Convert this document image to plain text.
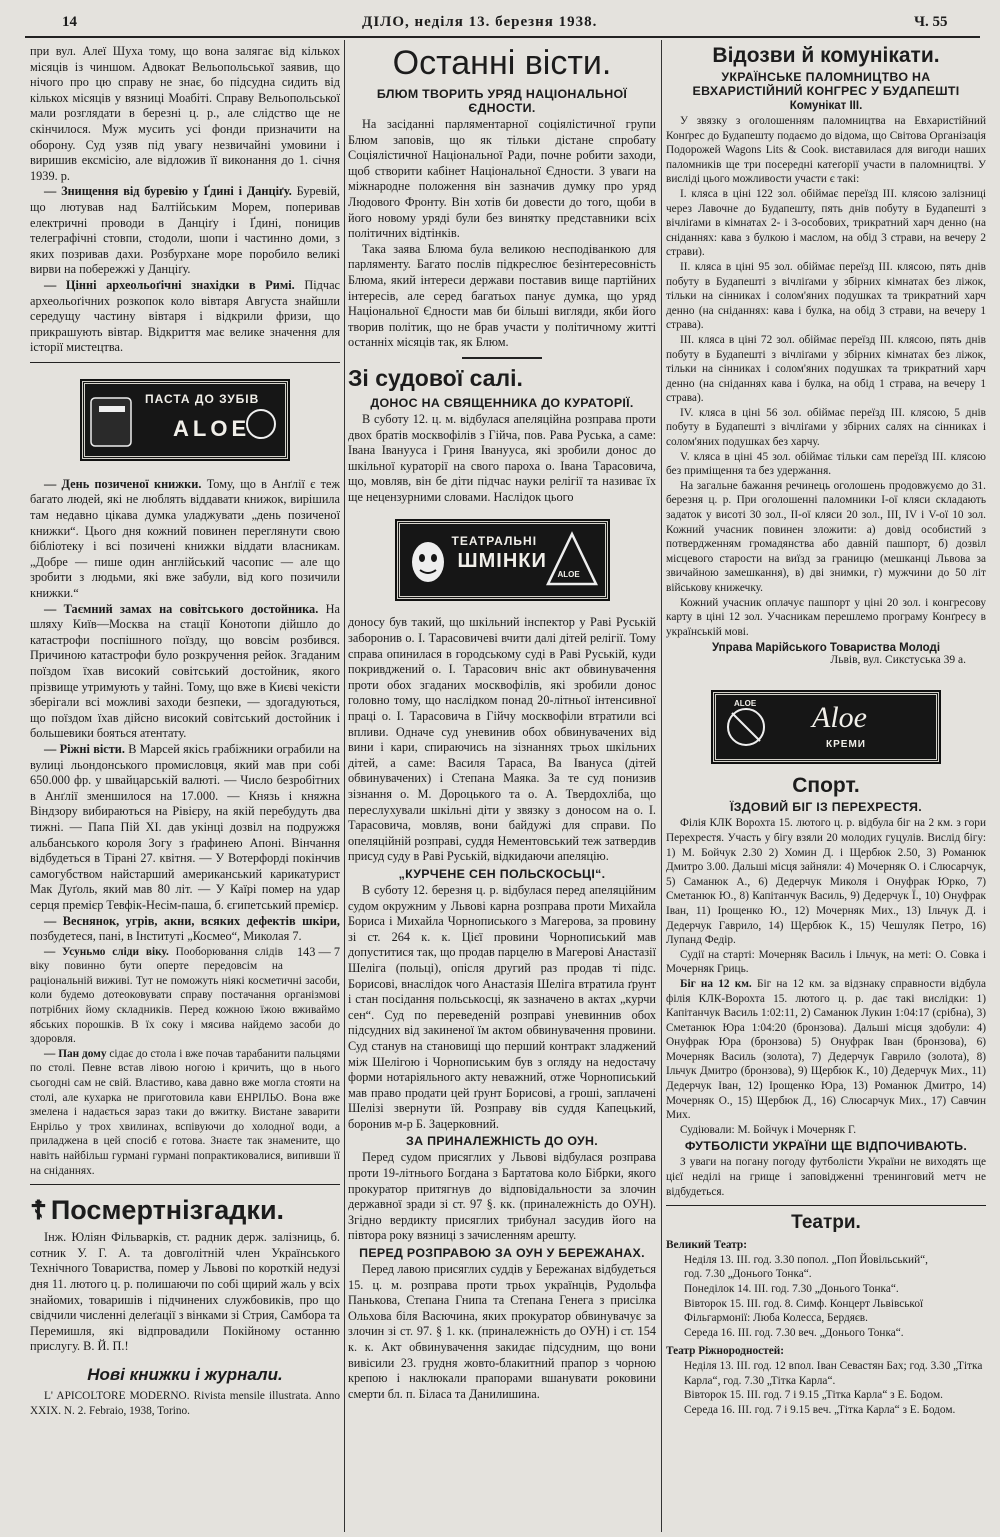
14	ДІЛО, неділя 13. березня 1938.	Ч. 55

при вул. Алеї Шуха тому, що вона залягає від кількох місяців із чиншом. Адвокат Вельопольської заявив, що нічого про цю справу не знає, бо підсудна сидить від кількох місяців у вязниці Моабіті. Справу Вельопольської мали розглядати в березні ц. р., але слідство ще не скінчилося. Муж мусить усі фонди призначити на оборону. Суд узяв під увагу незвичайні умовини і виришив ексмісію, але відложив її виконання до 1. січня 1939. р.

— Знищення від буревію у Ґдині і Данціґу. Буревій, що лютував над Балтійським Морем, поперивав електричні проводи в Данціґу і Ґдині, поницив телеграфічні стовпи, стодоли, шопи і частинно доми, з яких позривав дахи. Розбурхане море поробило великі вирви на побережжі у Данціґу.

— Цінні археольоґічні знахідки в Римі. Підчас археольоґічних розкопок коло вівтаря Августа знайшли середущу частину вівтаря і відкрили фризи, що прикрашують вівтар. Відкриття має велике значення для історії мистецтва.

ПАСТА ДО ЗУБІВ
ALOE

— День позиченої книжки. Тому, що в Анґлії є теж багато людей, які не люблять віддавати книжок, вирішила там недавно цікава думка уладжувати „день позиченої книжки“. Цього дня кожний повинен переглянути свою бібліотеку і всі позичені книжки віддати власникам. „Добре — пише один англійський часопис — але що зробити з людьми, які вже забули, від кого позичили книжки.“

— Таємний замах на совітського достойника. На шляху Київ—Москва на стації Конотопи дійшло до катастрофи поспішного поїзду, що вовсім розбився. Причиною катастрофи було розкручення рейок. Згаданим поїздом їхав високий совітський достойник, якого прізвище утримують у тайні. Тому, що вже в Києві чекісти зберігали всі можливі заходи безпеки, — здогадуються, що поїздом їхав дійсно високий совітський достойник і большевики бояться атентату.

— Ріжні вісти. В Марсей якісь грабіжники ограбили на вулиці льондонського промисловця, який мав при собі 650.000 фр. у швайцарській валюті. — Число безробітних в Анґлії зменшилося на 17.000. — Князь і княжна Віндзору вибираються на Рівієру, на якій перебудуть два тижні. — Папа Пій XI. дав укінці дозвіл на подружжя альбанського короля Зогу з ґрафинею Апоні. Вінчання відбудеться в Тірані 27. квітня. — У Вотерфорді покінчив самогубством найстарший американський карикатурист Мак Дуґоль, який мав 80 літ. — У Каїрі помер на удар серця премієр Тевфік-Несім-паша, б. єгипетський премієр.

— Веснянок, угрів, акни, всяких дефектів шкіри, позбудетеся, пані, в Інституті „Космео“, Миколая 7.
143 — 7

— Усуньмо сліди віку. Пооборювання слідів віку повинно бути оперте передовсім на раціональній виживі. Тут не поможуть ніякі косметичні засоби, коли будемо дотеоковувати справу постачання організмові потрібних йому складників. Перед кожною їжою вживаймо ябських порошків. В їх соку і мясива найдемо засоби до здоровля.

— Пан дому сідає до стола і вже почав тарабанити пальцями по столі. Певне встав лівою ногою і кричить, що в нього сьогодні сам не свій. Властиво, кава давно вже могла стояти на столі, але кухарка не приготовила кави ЕНРІЛЬО. Вона вже змелена і надається зараз таки до вжитку. Вистане заварити Енрільо у трох хвилинах, вспівуючи до холодної води, а приладжена в цей спосіб є готова. Знаєте так знамените, що навіть найбільш гурмані гурмані попрактиковалися, випивши її на сніданнях.

☦ Посмертнізгадки.

Інж. Юліян Фільварків, ст. радник держ. залізниць, б. сотник У. Г. А. та довголітній член Українського Технічного Товариства, помер у Львові по короткій недузі дня 11. лютого ц. р. полишаючи по собі щирий жаль у всіх знайомих, товаришів і підчинених службовиків, про що свідчили численні делеґації з вінками зі Стрия, Самбора та Перемишля, які відпровадили Покійному останню прислугу. В. Й. П.!

Нові книжки і журнали.

L' APICOLTORE MODERNO. Rivista mensile illustrata. Anno XXIX. N. 2. Febraio, 1938, Torino.

Останні вісти.
БЛЮМ ТВОРИТЬ УРЯД НАЦІОНАЛЬНОЇ ЄДНОСТИ.

На засіданні парляментарної соціялістичної групи Блюм заповів, що як тільки дістане спробату Соціялістичної Національної Ради, почне робити заходи, щоб створити кабінет Національної Єдности. З уваги на міжнародне положення він зазначив думку про уряд Людового Фронту. Він хотів би довести до того, щоби в його новому уряді були без винятку представники всіх політичних відтінків.

Така заява Блюма була великою несподіванкою для парляменту. Багато послів підкреслює безінтересовність Блюма, який інтереси держави поставив вище партійних інтересів, але серед багатьох панує думка, що уряд Національної Єдности мав би більші вигляди, якби його творив політик, що не брав участи у політичному житті останніх місяців так, як Блюм.

Зі судової салі.
ДОНОС НА СВЯЩЕННИКА ДО КУРАТОРІЇ.

В суботу 12. ц. м. відбулася апеляційна розправа проти двох братів москвофілів з Гійча, пов. Рава Руська, а саме: Івана Іванууса і Гриня Іванууса, які зробили донос до шкільної кураторії на свого пароха о. Івана Тарасовича, що, мовляв, він бе діти підчас науки релігії та називає їх ще нецензурними словами. Наслідок цього

ТЕАТРАЛЬНІ
ШМІНКИ
ALOE

доносу був такий, що шкільний інспектор у Раві Руській заборонив о. І. Тарасовичеві вчити далі дітей релігії. Тому справа опинилася в городському суді в Раві Руській, куди покривджений о. І. Тарасович вніс акт обвинувачення проти обох згаданих москвофілів, які зробили донос головно тому, що наслідком понад 20-літньої інтенсивної праці о. І. Тарасовича в Гійчу москвофіли втратили всі впливи. Одначе суд уневинив обох обвинувачених від вини і кари, спираючись на зізнаннях трьох шкільних дітей, а саме: Василя Тараса, Ва Івануса (дітей обвинувачених) і Степана Маяка. За те суд понизив зізнання о. М. Дороцького та о. А. Твердохліба, що переслухували шкільні діти у звязку з доносом на о. І. Тарасовича, мовляв, вони байдужі для справи. По опеляційній розправі, суддя Нементовський теж затвердив присуд суду в Раві Руській, відкидаючи апеляцію.

„КУРЧЕНЕ СЕН ПОЛЬСКОСЬЦІ“.

В суботу 12. березня ц. р. відбулася перед апеляційним судом окружним у Львові карна розправа проти Михайла Бориса і Михайла Чорнописького з Магерова, за провину зі ст. 264 к. к. Цієї провини Чорнописький мав допуститися так, що продав парцелю в Магерові Анастазії Шеліга (польці), опісля другий раз продав ті підс. Борисові, внаслідок чого Анастазія Шеліга втратила ґрунт і стан посідання польськосці, як зазначено в актах „курчи сен“. Суд по переведеній розправі уневиннив обох підсудних від закиненої їм актом обвинувачення провини. Суд станув на становищі що перший контракт зладжений між Шелігою і Чорнопиським був з огляду на недостачу форми нотаріяльного акту неважний, отже Чорнописький мав право продати цей ґрунт Борисові, а гроші, заплачені Шелізі звернути їй. Розправу вів суддя Капецький, боронив м-р Б. Зацерковний.

ЗА ПРИНАЛЕЖНІСТЬ ДО ОУН.

Перед судом присяглих у Львові відбулася розправа проти 19-літнього Богдана з Бартатова коло Бібрки, якого прокуратор притягнув до відповідальности за злочин державної зради зі ст. 97 §. кк. (приналежність до ОУН). Згідно вердикту присяглих трибунал засудив його на півтора року вязниці з зачисленням арешту.

ПЕРЕД РОЗПРАВОЮ ЗА ОУН У БЕРЕЖАНАХ.

Перед лавою присяглих суддів у Бережанах відбудеться 15. ц. м. розправа проти трьох українців, Рудольфа Панькова, Степана Гнипа та Степана Генега з присілка Ольхова біля Васючина, яких прокуратор обвинувачує за злочин зі ст. 97. § 1. кк. (приналежність до ОУН) і ст. 154 к. к. Акт обвинувачення закидає підсудним, що вони вивісили 23. грудня жовто-блакитний прапор з чорною крепою і наклюкали прапорами вшанувати роковини смерти бл. п. Біласа та Данилишина.

Відозви й комунікати.
УКРАЇНСЬКЕ ПАЛОМНИЦТВО НА ЕВХАРИСТІЙНИЙ КОНГРЕС У БУДАПЕШТІ
Комунікат ІІІ.

У звязку з оголошенням паломництва на Евхаристійний Конґрес до Будапешту подаємо до відома, що Світова Організація Подорожей Wagons Lits & Cook. виставилася для вигоди наших паломників ще три посередні катеґорії участи в паломництві. У висліді цього можливости участи є такі:

І. кляса в ціні 122 зол. обіймає переїзд ІІІ. клясою залізниці через Лавочне до Будапешту, пять днів побуту в Будапешті з вічліґами в кімнатах 2- і 3-особових, трикратний харч денно (на сніданнях: кава з булкою і маслом, на обід 3 страви, на вечеру 2 страви).

ІІ. кляса в ціні 95 зол. обіймає переїзд ІІІ. клясою, пять днів побуту в Будапешті з вічліґами у збірних кімнатах без ліжок, тільки на сінниках і солом'яних подушках та трикратний харч денно (на сніданнях: кава і булка, на обід 3 страви, на вечеру 1 страва).

ІІІ. кляса в ціні 72 зол. обіймає переїзд ІІІ. клясою, пять днів побуту в Будапешті з вічліґами у збірних кімнатах без ліжок, тільки на сінниках і солом'яних подушках та трикратний харч денно (на сніданнях кава і булка, на обід 1 страва, на вечеру 1 страва).

IV. кляса в ціні 56 зол. обіймає переїзд ІІІ. клясою, 5 днів побуту в Будапешті з вічліґами у збірних салях на сінниках і солом'яних подушках без харчу.

V. кляса в ціні 45 зол. обіймає тільки сам переїзд ІІІ. клясою без приміщення та без удержання.

На загальне бажання речинець оголошень продовжуємо до 31. березня ц. р. При оголошенні паломники І-ої кляси складають задаток у висоті 30 зол., ІІ-ої кляси 20 зол., ІІІ, IV і V-ої 10 зол. Кожний учасник повинен зложити: а) довід особистий з потвердженням громадянства або давній пашпорт, б) дозвіл місцевого старости на виїзд за границю (мешканці Львова за звичайною замешкання), в) дві знимки, г) мужчини до 50 літ військову книжечку.

Кожний учасник оплачує пашпорт у ціні 20 зол. і конгресову карту в ціні 12 зол. Учасникам перешлемо програму Конґресу в українській мові.

Управа Марійського Товариства Молоді
Львів, вул. Сикстуська 39 а.
ALOE Aloe
КРЕМИ
Спорт.
ЇЗДОВИЙ БІГ ІЗ ПЕРЕХРЕСТЯ.

Філія КЛК Ворохта 15. лютого ц. р. відбула біг на 2 км. з гори Перехрестя. Участь у бігу взяли 20 молодих гуцулів. Вислід бігу: 1) М. Бойчук 2.30 2) Хомин Д. і Щербюк 2.50, 3) Романюк Дмитро 3.00. Дальші місця зайняли: 4) Мочерняк О. і Слюсарчук, 5) Саманюк А., 6) Дедерчук Миколя і Онуфрак Юрко, 7) Сметанюк Ю., 8) Капітанчук Василь, 9) Дедерчук Ї., 10) Онуфрак Іван, 11) Ірощенко Ю., 12) Мочерняк Мих., 13) Ільчук Д. і Дедерчук Гаврило, 14) Щербюк К., 15) Чешуляк Петро, 16) Лупанд Федір.

Судії на старті: Мочерняк Василь і Ільчук, на меті: О. Совка і Мочерняк Гриць.

Біг на 12 км. Біг на 12 км. за відзнаку справности відбула філія КЛК-Ворохта 15. лютого ц. р. дає такі вислідки: 1) Капітанчук Василь 1:02:11, 2) Саманюк Лукин 1:04:17 (срібна), 3) Сметанюк Юра 1:04:20 (бронзова). Дальші місця здобули: 4) Онуфрак Юра (бронзова) 5) Онуфрак Іван (бронзова), 6) Мочерняк Василь (золота), 7) Дедерчук Гаврило (золота), 8) Ільчук Дмитро (бронзова), 9) Щербюк К., 10) Дедерчук Мих., 11) Дедерчук Іван, 12) Ірощенко Юра, 13) Романюк Дмитро, 14) Мочерняк О., 15) Щербюк Д., 16) Слюсарчук Мих., 17) Савчин Мих.

Судіювали: М. Бойчук і Мочерняк Г.

ФУТБОЛІСТИ УКРАЇНИ ЩЕ ВІДПОЧИВАЮТЬ.

З уваги на погану погоду футболісти України не виходять ще цієї неділі на грище і заповідженні тренинговий метч не відбудеться.

Театри.

Великий Театр:

Неділя 13. ІІІ. год. 3.30 попол. „Поп Йовільський“,

год. 7.30 „Донього Тонка“.

Понеділок 14. ІІІ. год. 7.30 „Донього Тонка“.

Вівторок 15. ІІІ. год. 8. Симф. Концерт Львівської Фільгармонії: Люба Колесса, Бердяєв.

Середа 16. ІІІ. год. 7.30 веч. „Донього Тонка“.

Театр Ріжнородностей:

Неділя 13. ІІІ. год. 12 впол. Іван Севастян Бах; год. 3.30 „Тітка Карла“, год. 7.30 „Тітка Карла“.

Вівторок 15. ІІІ. год. 7 і 9.15 „Тітка Карла“ з Е. Бодом.

Середа 16. ІІІ. год. 7 і 9.15 веч. „Тітка Карла“ з Е. Бодом.
